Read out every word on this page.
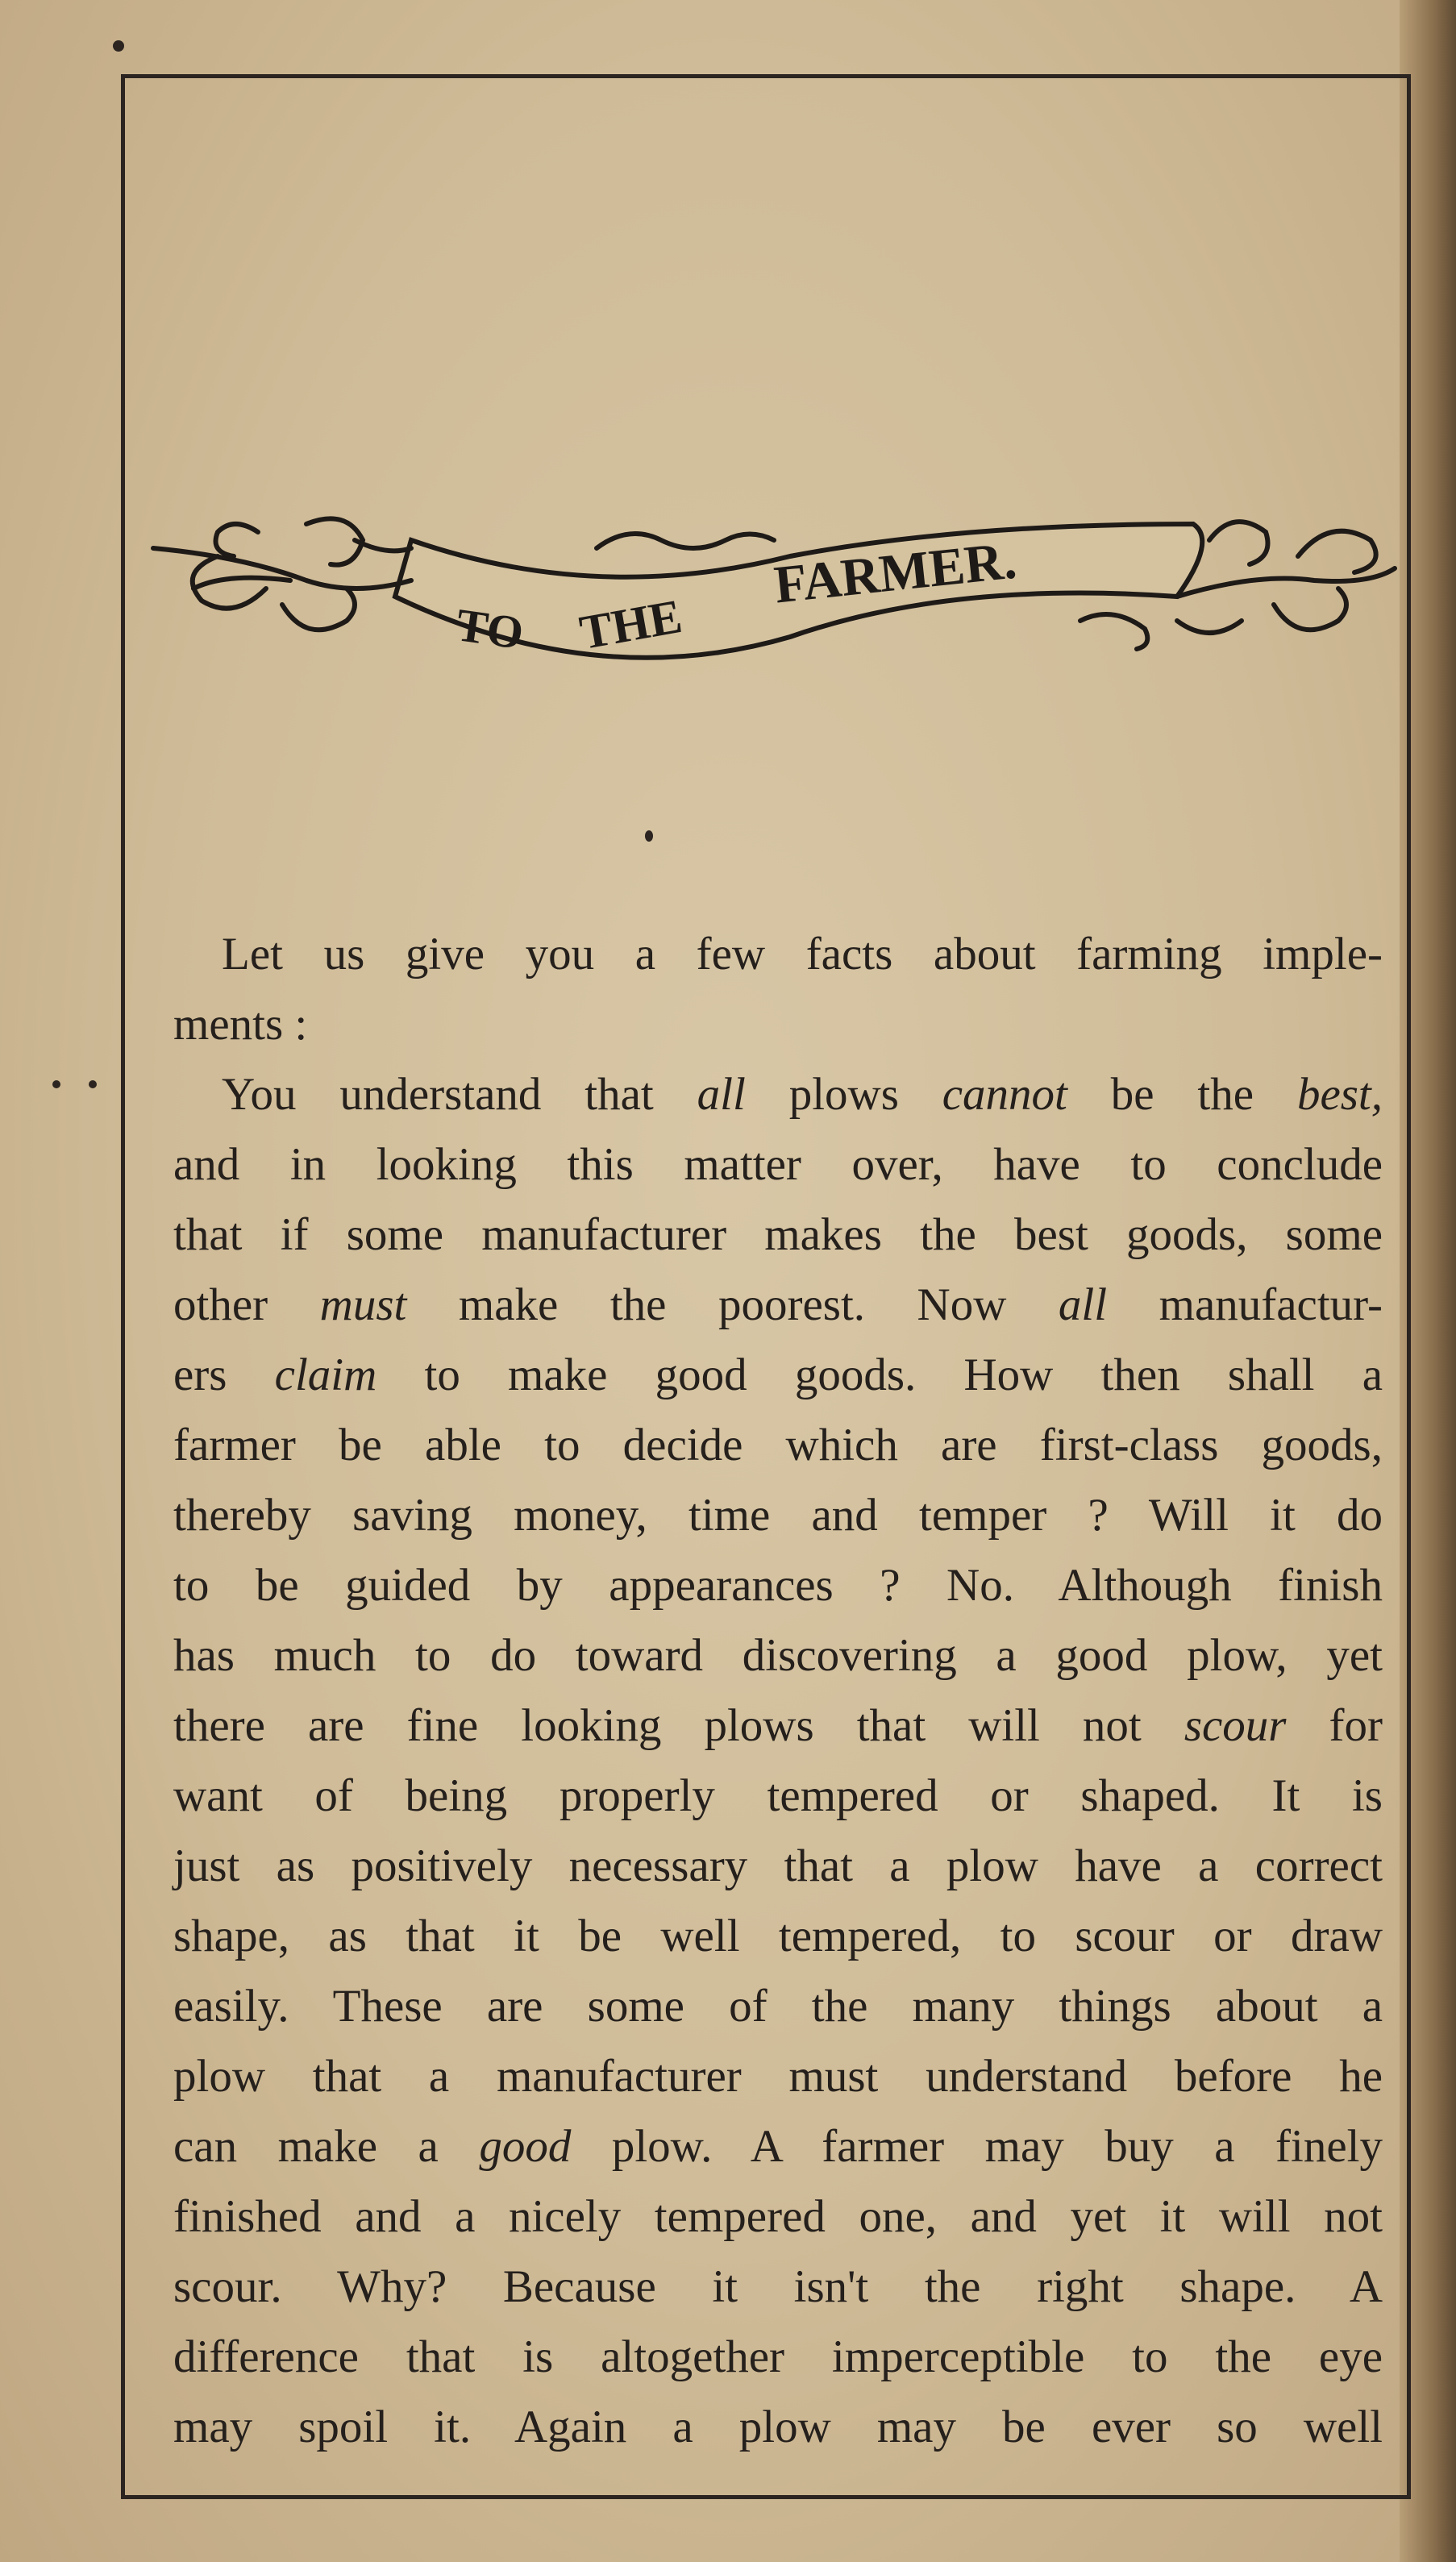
TO THE
FARMER.
Let us give you a few facts about farming imple-
ments :
You understand that all plows cannot be the best,
and in looking this matter over, have to conclude
that if some manufacturer makes the best goods, some
other must make the poorest. Now all manufactur-
ers claim to make good goods. How then shall a
farmer be able to decide which are first-class goods,
thereby saving money, time and temper ? Will it do
to be guided by appearances ? No. Although finish
has much to do toward discovering a good plow, yet
there are fine looking plows that will not scour for
want of being properly tempered or shaped. It is
just as positively necessary that a plow have a correct
shape, as that it be well tempered, to scour or draw
easily. These are some of the many things about a
plow that a manufacturer must understand before he
can make a good plow. A farmer may buy a finely
finished and a nicely tempered one, and yet it will not
scour. Why? Because it isn't the right shape. A
difference that is altogether imperceptible to the eye
may spoil it. Again a plow may be ever so well
